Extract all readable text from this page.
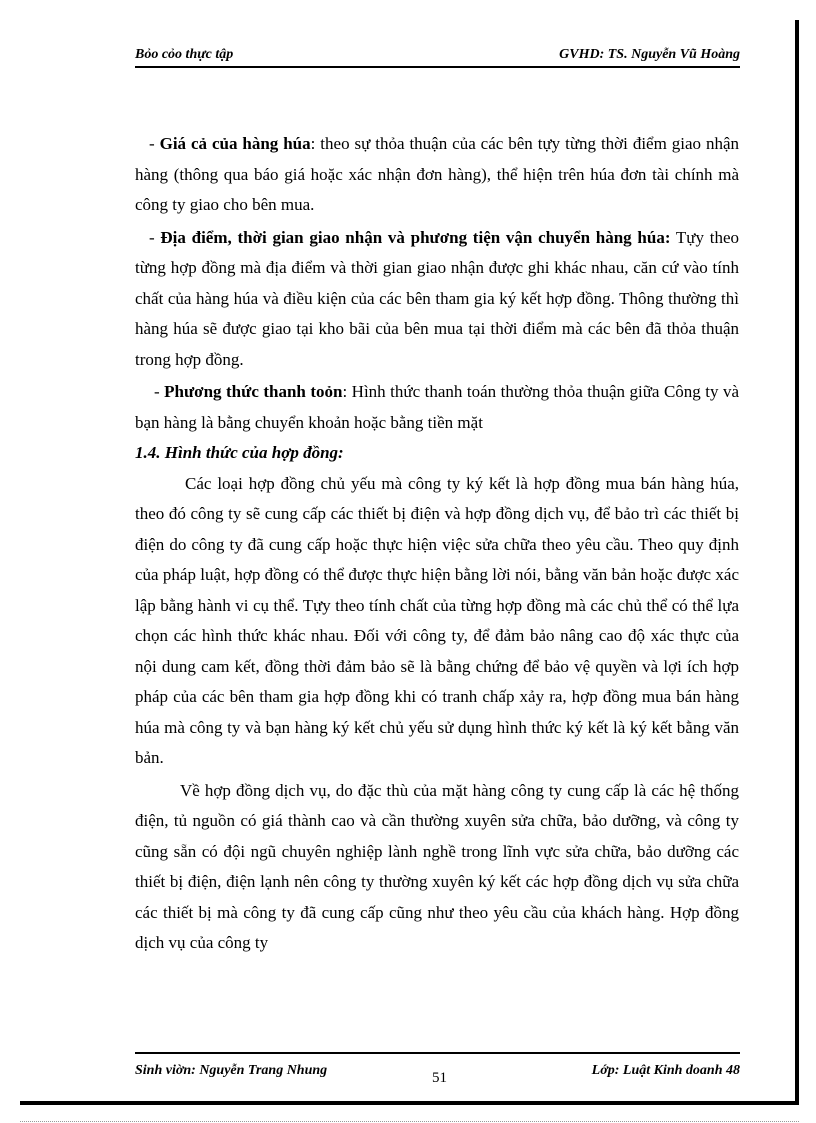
Bỏo cỏo thực tập	GVHD: TS. Nguyễn Vũ Hoàng

- Giá cả của hàng húa: theo sự thỏa thuận của các bên tựy từng thời điểm giao nhận hàng (thông qua báo giá hoặc xác nhận đơn hàng), thể hiện trên húa đơn tài chính mà công ty giao cho bên mua.

- Địa điểm, thời gian giao nhận và phương tiện vận chuyển hàng húa: Tựy theo từng hợp đồng mà địa điểm và thời gian giao nhận được ghi khác nhau, căn cứ vào tính chất của hàng húa và điều kiện của các bên tham gia ký kết hợp đồng. Thông thường thì hàng húa sẽ được giao tại kho bãi của bên mua tại thời điểm mà các bên đã thỏa thuận trong hợp đồng.

- Phương thức thanh toỏn: Hình thức thanh toán thường thỏa thuận giữa Công ty và bạn hàng là bằng chuyển khoản hoặc bằng tiền mặt

1.4. Hình thức của hợp đồng:

Các loại hợp đồng chủ yếu mà công ty ký kết là hợp đồng mua bán hàng húa, theo đó công ty sẽ cung cấp các thiết bị điện và hợp đồng dịch vụ, để bảo trì các thiết bị điện do công ty đã cung cấp hoặc thực hiện việc sửa chữa theo yêu cầu. Theo quy định của pháp luật, hợp đồng có thể được thực hiện bằng lời nói, bằng văn bản hoặc được xác lập bằng hành vi cụ thể. Tựy theo tính chất của từng hợp đồng mà các chủ thể có thể lựa chọn các hình thức khác nhau. Đối với công ty, để đảm bảo nâng cao độ xác thực của nội dung cam kết, đồng thời đảm bảo sẽ là bằng chứng để bảo vệ quyền và lợi ích hợp pháp của các bên tham gia hợp đồng khi có tranh chấp xảy ra, hợp đồng mua bán hàng húa mà công ty và bạn hàng ký kết chủ yếu sử dụng hình thức ký kết là ký kết bằng văn bản.

Về hợp đồng dịch vụ, do đặc thù của mặt hàng công ty cung cấp là các hệ thống điện, tủ nguồn có giá thành cao và cần thường xuyên sửa chữa, bảo dưỡng, và công ty cũng sẵn có đội ngũ chuyên nghiệp lành nghề trong lĩnh vực sửa chữa, bảo dưỡng các thiết bị điện, điện lạnh nên công ty thường xuyên ký kết các hợp đồng dịch vụ sửa chữa các thiết bị mà công ty đã cung cấp cũng như theo yêu cầu của khách hàng. Hợp đồng dịch vụ của công ty

Sinh viờn: Nguyễn Trang Nhung	51	Lớp: Luật Kinh doanh 48
